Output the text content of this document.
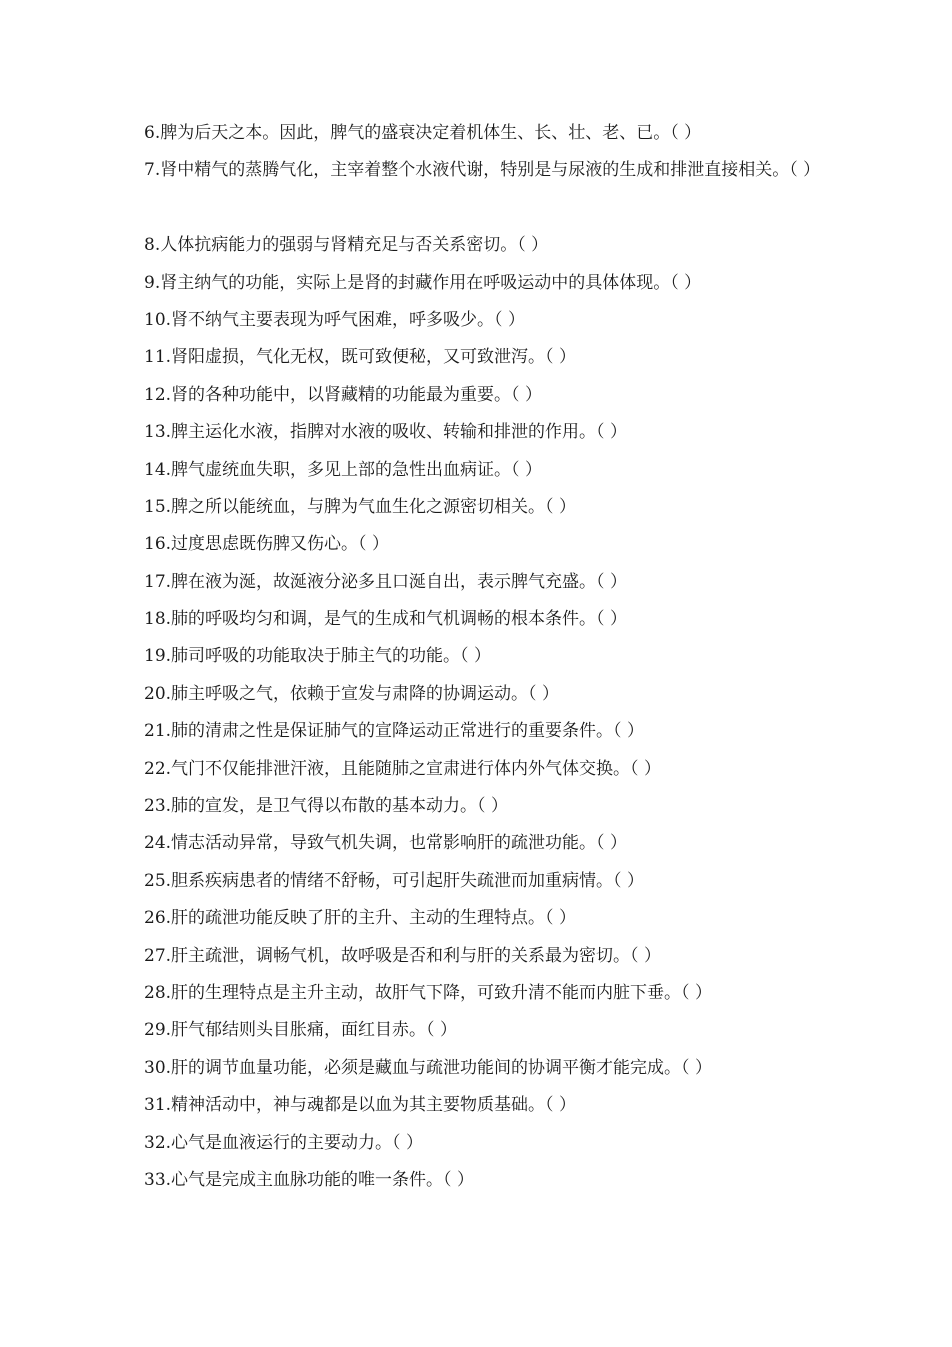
6.脾为后天之本。因此，脾气的盛衰决定着机体生、长、壮、老、已。（ ）
7.肾中精气的蒸腾气化，主宰着整个水液代谢，特别是与尿液的生成和排泄直接相关。（ ）
8.人体抗病能力的强弱与肾精充足与否关系密切。（ ）
9.肾主纳气的功能，实际上是肾的封藏作用在呼吸运动中的具体体现。（ ）
10.肾不纳气主要表现为呼气困难，呼多吸少。（ ）
11.肾阳虚损，气化无权，既可致便秘，又可致泄泻。（ ）
12.肾的各种功能中，以肾藏精的功能最为重要。（ ）
13.脾主运化水液，指脾对水液的吸收、转输和排泄的作用。（ ）
14.脾气虚统血失职，多见上部的急性出血病证。（ ）
15.脾之所以能统血，与脾为气血生化之源密切相关。（ ）
16.过度思虑既伤脾又伤心。（ ）
17.脾在液为涎，故涎液分泌多且口涎自出，表示脾气充盛。（ ）
18.肺的呼吸均匀和调，是气的生成和气机调畅的根本条件。（ ）
19.肺司呼吸的功能取决于肺主气的功能。（ ）
20.肺主呼吸之气，依赖于宣发与肃降的协调运动。（ ）
21.肺的清肃之性是保证肺气的宣降运动正常进行的重要条件。（ ）
22.气门不仅能排泄汗液，且能随肺之宣肃进行体内外气体交换。（ ）
23.肺的宣发，是卫气得以布散的基本动力。（ ）
24.情志活动异常，导致气机失调，也常影响肝的疏泄功能。（ ）
25.胆系疾病患者的情绪不舒畅，可引起肝失疏泄而加重病情。（ ）
26.肝的疏泄功能反映了肝的主升、主动的生理特点。（ ）
27.肝主疏泄，调畅气机，故呼吸是否和利与肝的关系最为密切。（ ）
28.肝的生理特点是主升主动，故肝气下降，可致升清不能而内脏下垂。（ ）
29.肝气郁结则头目胀痛，面红目赤。（ ）
30.肝的调节血量功能，必须是藏血与疏泄功能间的协调平衡才能完成。（ ）
31.精神活动中，神与魂都是以血为其主要物质基础。（ ）
32.心气是血液运行的主要动力。（ ）
33.心气是完成主血脉功能的唯一条件。（ ）
